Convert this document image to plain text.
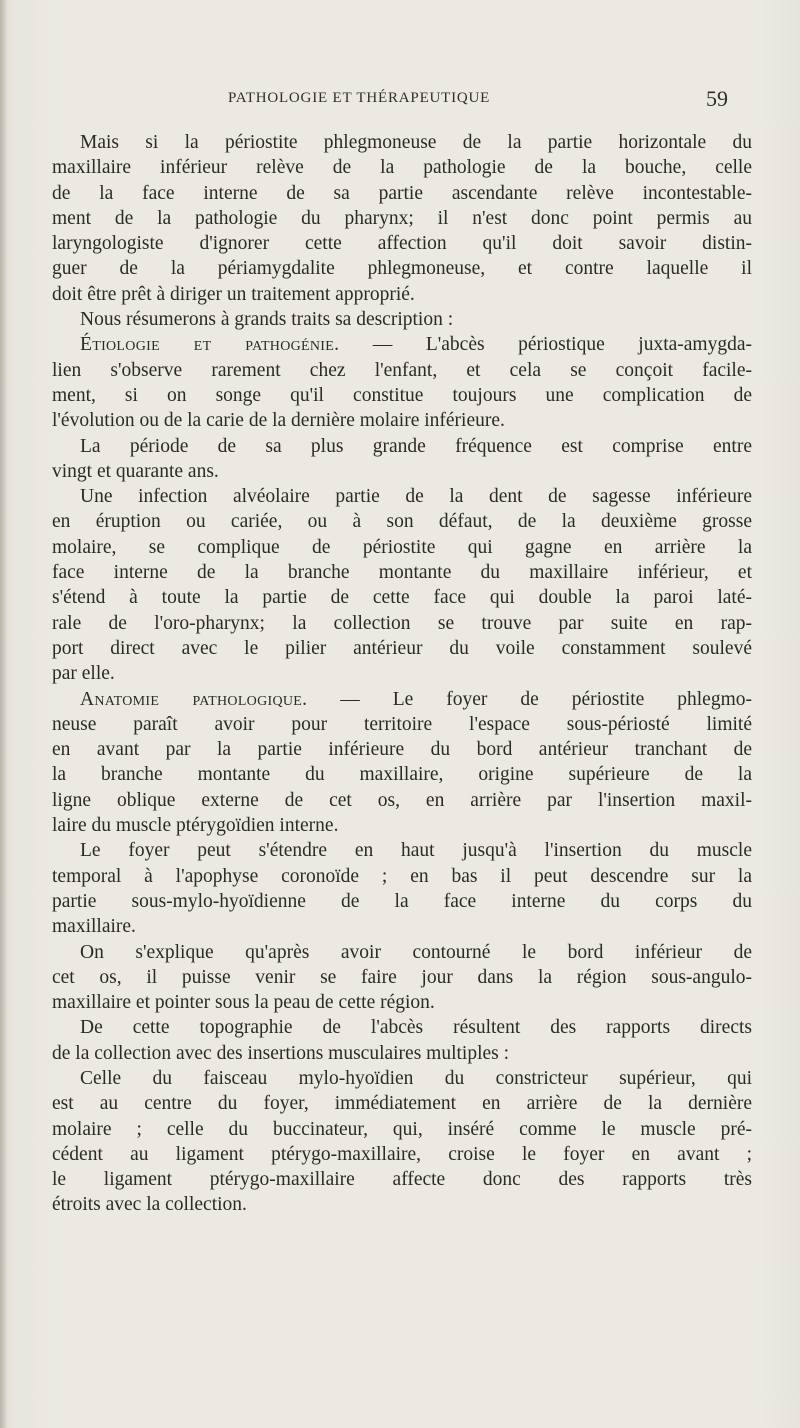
PATHOLOGIE ET THÉRAPEUTIQUE	59
Mais si la périostite phlegmoneuse de la partie horizontale du
maxillaire inférieur relève de la pathologie de la bouche, celle
de la face interne de sa partie ascendante relève incontestable-
ment de la pathologie du pharynx; il n'est donc point permis au
laryngologiste d'ignorer cette affection qu'il doit savoir distin-
guer de la périamygdalite phlegmoneuse, et contre laquelle il
doit être prêt à diriger un traitement approprié.
Nous résumerons à grands traits sa description :
Étiologie et pathogénie. — L'abcès périostique juxta-amygda-
lien s'observe rarement chez l'enfant, et cela se conçoit facile-
ment, si on songe qu'il constitue toujours une complication de
l'évolution ou de la carie de la dernière molaire inférieure.
La période de sa plus grande fréquence est comprise entre
vingt et quarante ans.
Une infection alvéolaire partie de la dent de sagesse inférieure
en éruption ou cariée, ou à son défaut, de la deuxième grosse
molaire, se complique de périostite qui gagne en arrière la
face interne de la branche montante du maxillaire inférieur, et
s'étend à toute la partie de cette face qui double la paroi laté-
rale de l'oro-pharynx; la collection se trouve par suite en rap-
port direct avec le pilier antérieur du voile constamment soulevé
par elle.
Anatomie pathologique. — Le foyer de périostite phlegmo-
neuse paraît avoir pour territoire l'espace sous-périosté limité
en avant par la partie inférieure du bord antérieur tranchant de
la branche montante du maxillaire, origine supérieure de la
ligne oblique externe de cet os, en arrière par l'insertion maxil-
laire du muscle ptérygoïdien interne.
Le foyer peut s'étendre en haut jusqu'à l'insertion du muscle
temporal à l'apophyse coronoïde ; en bas il peut descendre sur la
partie sous-mylo-hyoïdienne de la face interne du corps du
maxillaire.
On s'explique qu'après avoir contourné le bord inférieur de
cet os, il puisse venir se faire jour dans la région sous-angulo-
maxillaire et pointer sous la peau de cette région.
De cette topographie de l'abcès résultent des rapports directs
de la collection avec des insertions musculaires multiples :
Celle du faisceau mylo-hyoïdien du constricteur supérieur, qui
est au centre du foyer, immédiatement en arrière de la dernière
molaire ; celle du buccinateur, qui, inséré comme le muscle pré-
cédent au ligament ptérygo-maxillaire, croise le foyer en avant ;
le ligament ptérygo-maxillaire affecte donc des rapports très
étroits avec la collection.
